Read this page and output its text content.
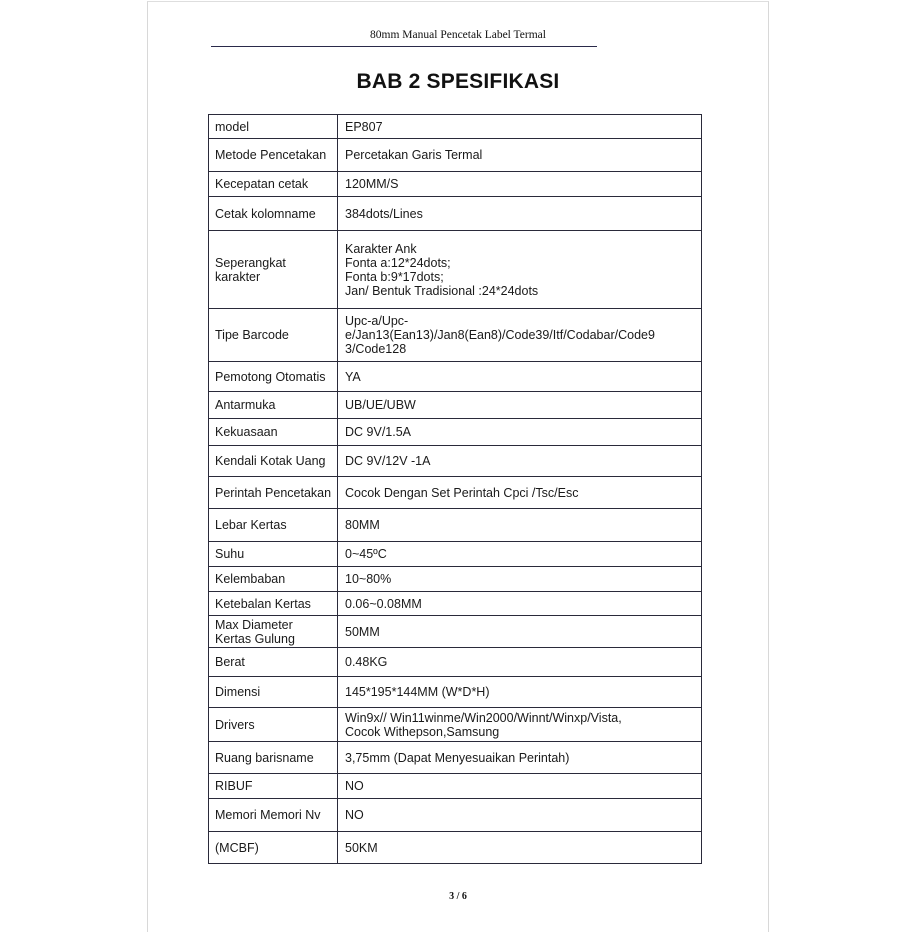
80mm Manual Pencetak Label Termal
BAB 2 SPESIFIKASI
model	EP807
Metode Pencetakan	Percetakan Garis Termal
Kecepatan cetak	120MM/S
Cetak kolomname	384dots/Lines
Seperangkat karakter	Karakter Ank
Fonta a:12*24dots;
Fonta b:9*17dots;
Jan/ Bentuk Tradisional :24*24dots

Tipe Barcode	Upc-a/Upc-
e/Jan13(Ean13)/Jan8(Ean8)/Code39/Itf/Codabar/Code9
3/Code128

Pemotong Otomatis	YA
Antarmuka	UB/UE/UBW
Kekuasaan	DC 9V/1.5A
Kendali Kotak Uang	DC 9V/12V -1A
Perintah Pencetakan	Cocok Dengan Set Perintah Cpci /Tsc/Esc
Lebar Kertas	80MM
Suhu	0~45ºC
Kelembaban	10~80%
Ketebalan Kertas	0.06~0.08MM
Max Diameter Kertas Gulung	50MM
Berat	0.48KG
Dimensi	145*195*144MM (W*D*H)
Drivers	Win9x// Win11winme/Win2000/Winnt/Winxp/Vista,
Cocok Withepson,Samsung

Ruang barisname	3,75mm (Dapat Menyesuaikan Perintah)
RIBUF	NO
Memori Memori Nv	NO
(MCBF)	50KM
3 / 6
